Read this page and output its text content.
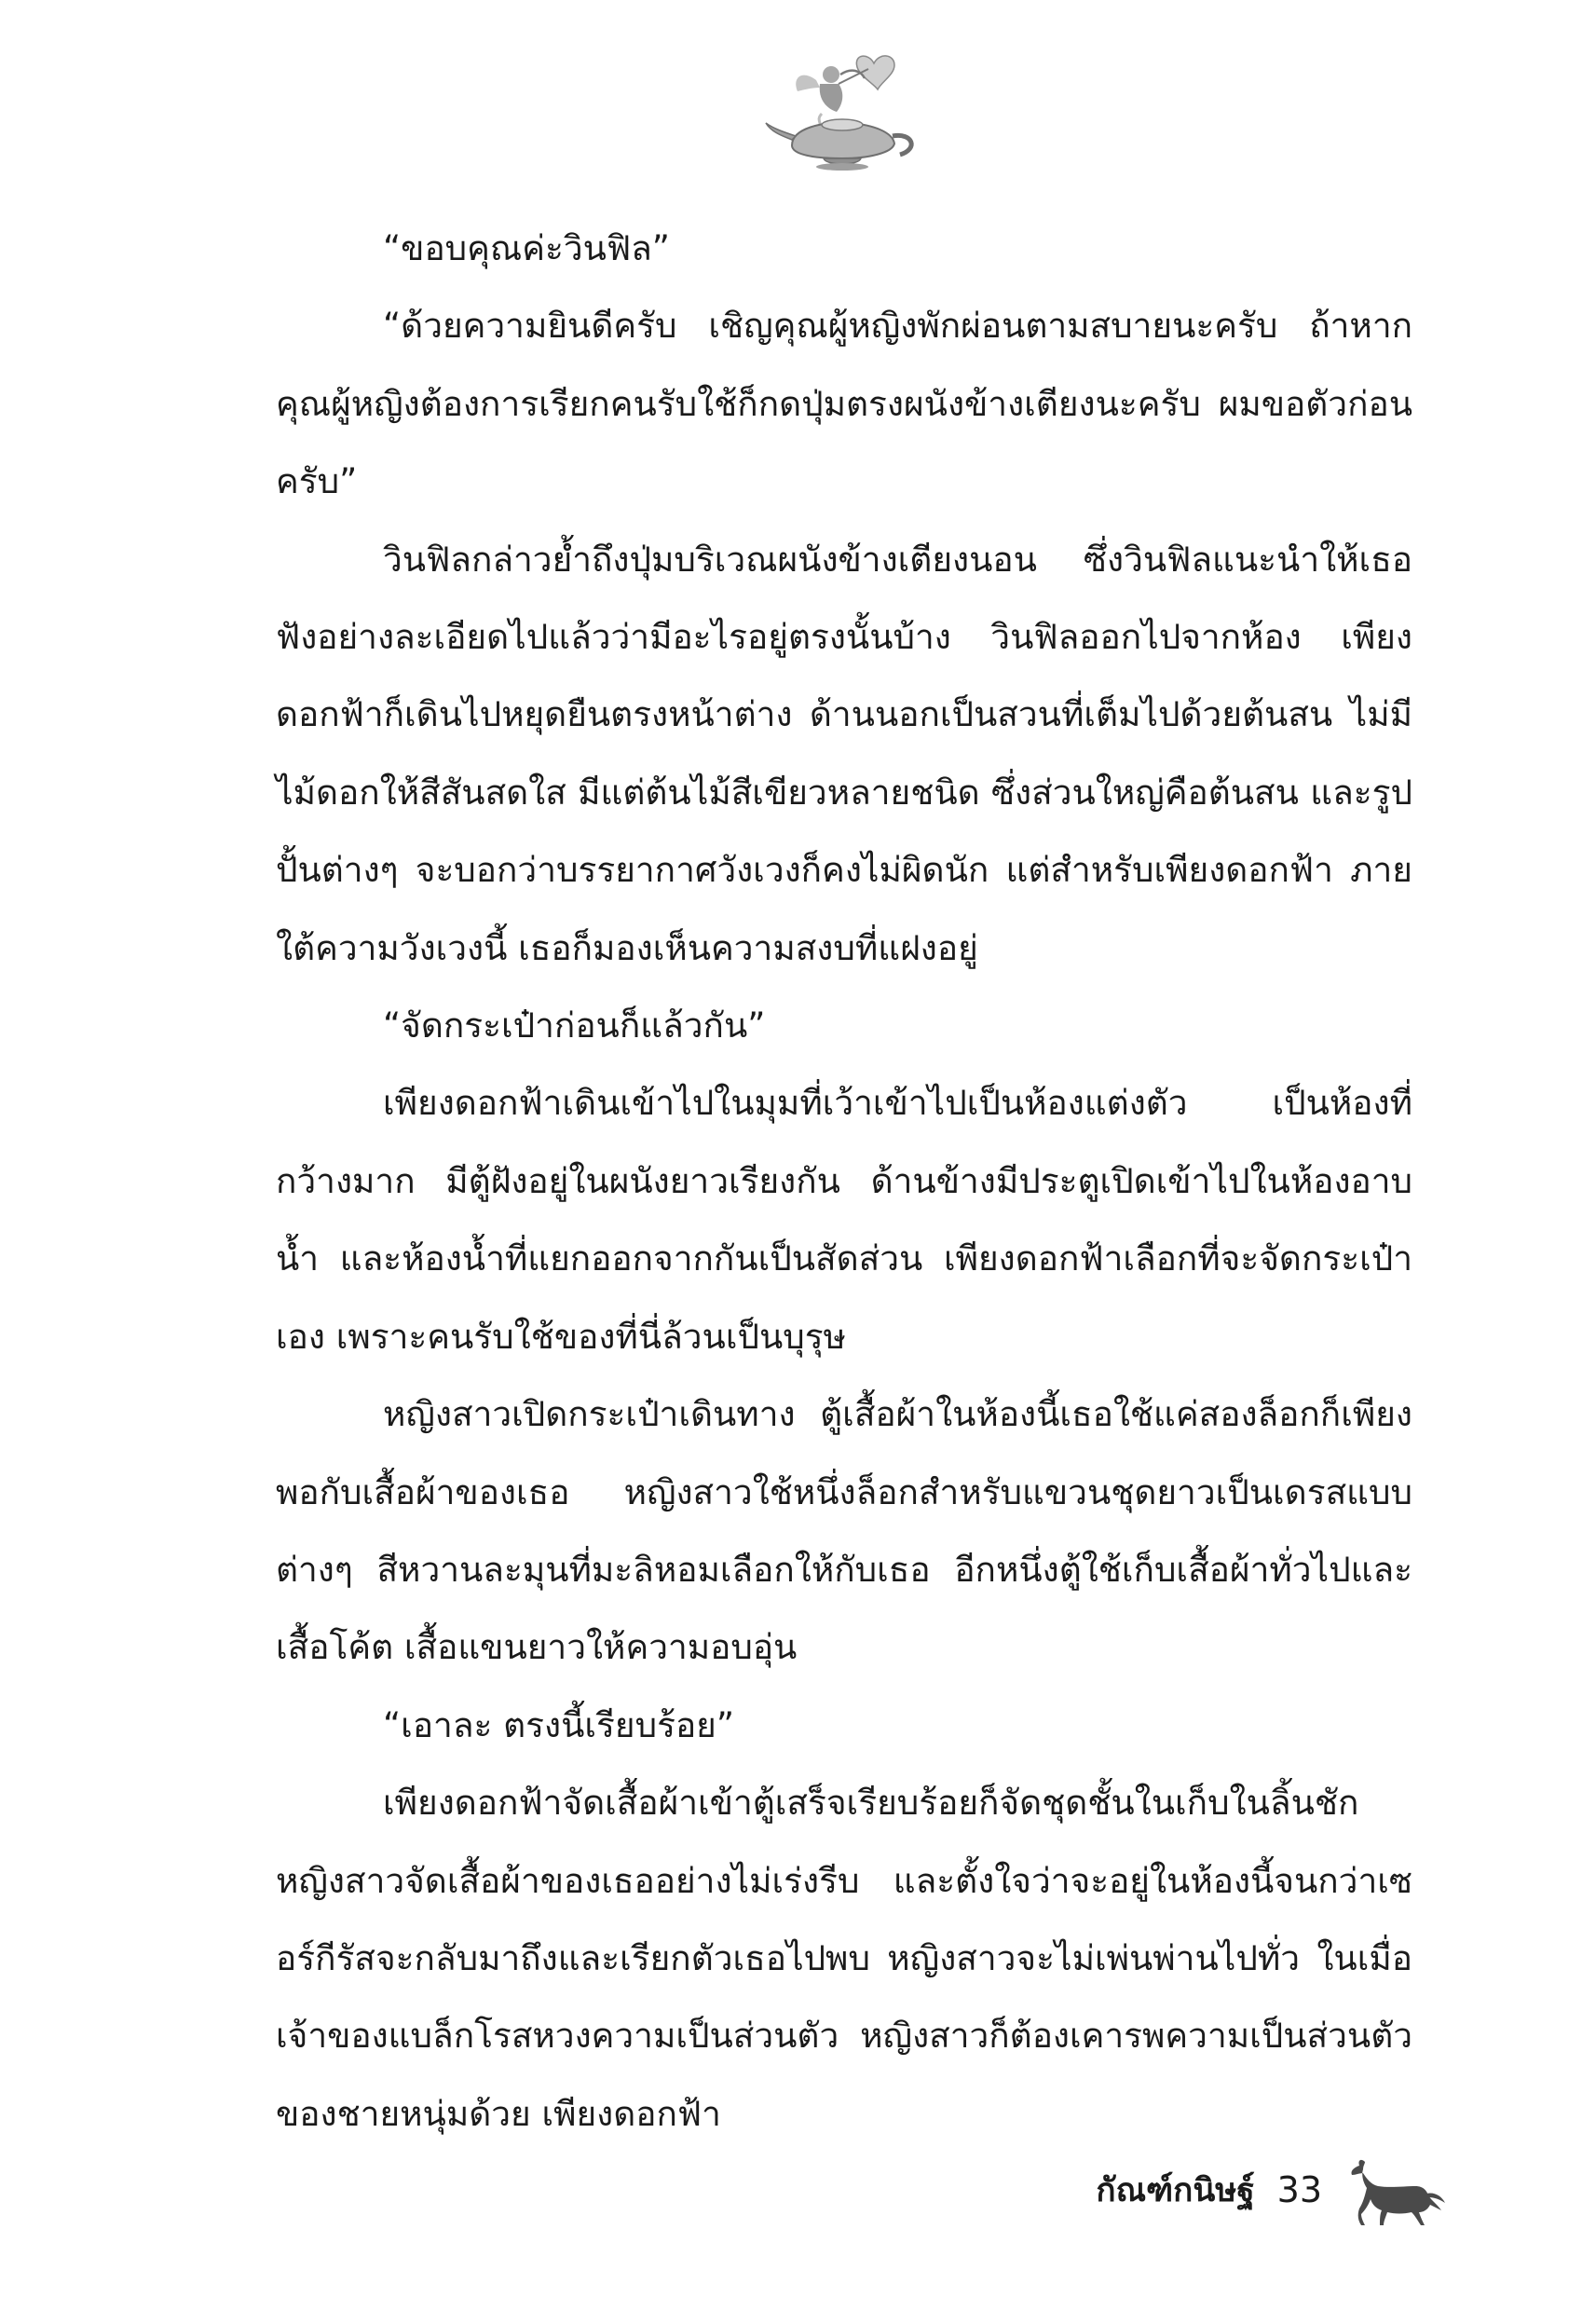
“ขอบคุณค่ะวินฟิล”

“ด้วยความยินดีครับ เชิญคุณผู้หญิงพักผ่อนตามสบายนะครับ ถ้าหากคุณผู้หญิงต้องการเรียกคนรับใช้ก็กดปุ่มตรงผนังข้างเตียงนะครับ ผมขอตัวก่อนครับ”

วินฟิลกล่าวย้ำถึงปุ่มบริเวณผนังข้างเตียงนอน ซึ่งวินฟิลแนะนำให้เธอฟังอย่างละเอียดไปแล้วว่ามีอะไรอยู่ตรงนั้นบ้าง วินฟิลออกไปจากห้อง เพียงดอกฟ้าก็เดินไปหยุดยืนตรงหน้าต่าง ด้านนอกเป็นสวนที่เต็มไปด้วยต้นสน ไม่มีไม้ดอกให้สีสันสดใส มีแต่ต้นไม้สีเขียวหลายชนิด ซึ่งส่วนใหญ่คือต้นสน และรูปปั้นต่างๆ จะบอกว่าบรรยากาศวังเวงก็คงไม่ผิดนัก แต่สำหรับเพียงดอกฟ้า ภายใต้ความวังเวงนี้ เธอก็มองเห็นความสงบที่แฝงอยู่

“จัดกระเป๋าก่อนก็แล้วกัน”

เพียงดอกฟ้าเดินเข้าไปในมุมที่เว้าเข้าไปเป็นห้องแต่งตัว เป็นห้องที่กว้างมาก มีตู้ฝังอยู่ในผนังยาวเรียงกัน ด้านข้างมีประตูเปิดเข้าไปในห้องอาบน้ำ และห้องน้ำที่แยกออกจากกันเป็นสัดส่วน เพียงดอกฟ้าเลือกที่จะจัดกระเป๋าเอง เพราะคนรับใช้ของที่นี่ล้วนเป็นบุรุษ

หญิงสาวเปิดกระเป๋าเดินทาง ตู้เสื้อผ้าในห้องนี้เธอใช้แค่สองล็อกก็เพียงพอกับเสื้อผ้าของเธอ หญิงสาวใช้หนึ่งล็อกสำหรับแขวนชุดยาวเป็นเดรสแบบต่างๆ สีหวานละมุนที่มะลิหอมเลือกให้กับเธอ อีกหนึ่งตู้ใช้เก็บเสื้อผ้าทั่วไปและเสื้อโค้ต เสื้อแขนยาวให้ความอบอุ่น

“เอาละ ตรงนี้เรียบร้อย”

เพียงดอกฟ้าจัดเสื้อผ้าเข้าตู้เสร็จเรียบร้อยก็จัดชุดชั้นในเก็บในลิ้นชัก หญิงสาวจัดเสื้อผ้าของเธออย่างไม่เร่งรีบ และตั้งใจว่าจะอยู่ในห้องนี้จนกว่าเซอร์กีรัสจะกลับมาถึงและเรียกตัวเธอไปพบ หญิงสาวจะไม่เพ่นพ่านไปทั่ว ในเมื่อเจ้าของแบล็กโรสหวงความเป็นส่วนตัว หญิงสาวก็ต้องเคารพความเป็นส่วนตัวของชายหนุ่มด้วย เพียงดอกฟ้า

กัณฑ์กนิษฐ์ 33
